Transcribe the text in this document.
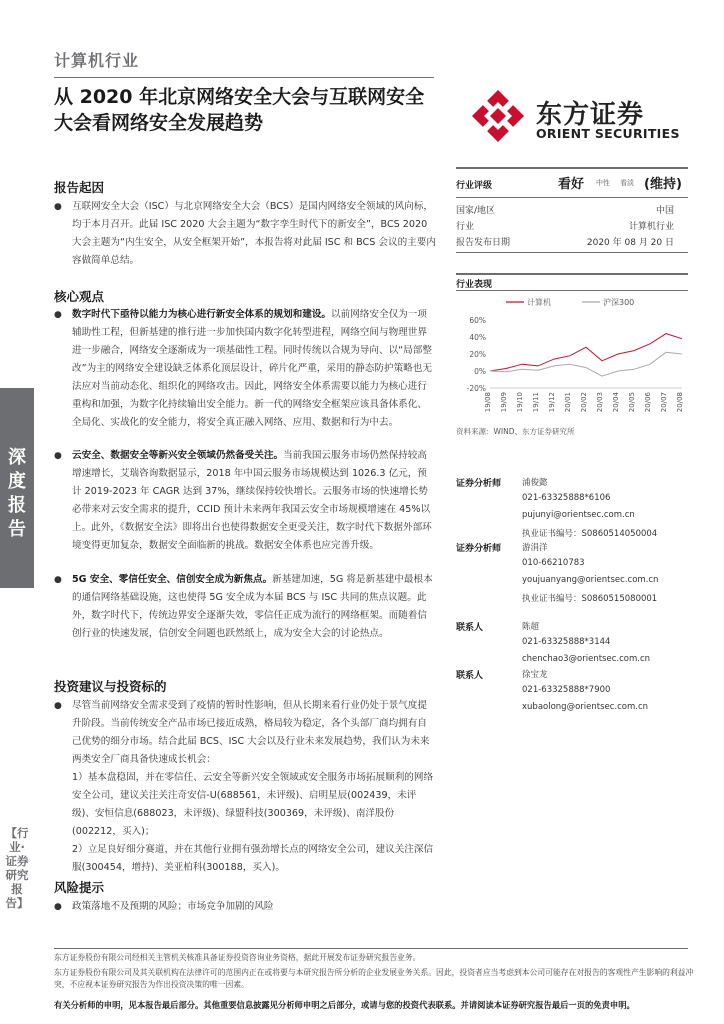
计算机行业
从 2020 年北京网络安全大会与互联网安全大会看网络安全发展趋势	东方证券
ORIENT SECURITIES
深度报告
【行业·证券研究报告】
报告起因
● 互联网安全大会（ISC）与北京网络安全大会（BCS）是国内网络安全领域的风向标，均于本月召开。此届 ISC 2020 大会主题为“数字孪生时代下的新安全”，BCS 2020 大会主题为“内生安全，从安全框架开始”，本报告将对此届 ISC 和 BCS 会议的主要内容做简单总结。
核心观点
● 数字时代下亟待以能力为核心进行新安全体系的规划和建设。以前网络安全仅为一项辅助性工程，但新基建的推行进一步加快国内数字化转型进程，网络空间与物理世界进一步融合，网络安全逐渐成为一项基础性工程。同时传统以合规为导向、以“局部整改”为主的网络安全建设缺乏体系化顶层设计，碎片化严重，采用的静态防护策略也无法应对当前动态化、组织化的网络攻击。因此，网络安全体系需要以能力为核心进行重构和加强，为数字化持续输出安全能力。新一代的网络安全框架应该具备体系化、全局化、实战化的安全能力，将安全真正融入网络、应用、数据和行为中去。
● 云安全、数据安全等新兴安全领域仍然备受关注。当前我国云服务市场仍然保持较高增速增长，艾瑞咨询数据显示，2018 年中国云服务市场规模达到 1026.3 亿元，预计 2019-2023 年 CAGR 达到 37%，继续保持较快增长。云服务市场的快速增长势必带来对云安全需求的提升，CCID 预计未来两年我国云安全市场规模增速在 45%以上。此外，《数据安全法》即将出台也使得数据安全更受关注，数字时代下数据外部环境变得更加复杂，数据安全面临新的挑战。数据安全体系也应完善升级。
● 5G 安全、零信任安全、信创安全成为新焦点。新基建加速，5G 将是新基建中最根本的通信网络基础设施，这也使得 5G 安全成为本届 BCS 与 ISC 共同的焦点议题。此外，数字时代下，传统边界安全逐渐失效，零信任正成为流行的网络框架。而随着信创行业的快速发展，信创安全问题也跃然纸上，成为安全大会的讨论热点。
投资建议与投资标的
● 尽管当前网络安全需求受到了疫情的暂时性影响，但从长期来看行业仍处于景气度提升阶段。当前传统安全产品市场已接近成熟，格局较为稳定，各个头部厂商均拥有自己优势的细分市场。结合此届 BCS、ISC 大会以及行业未来发展趋势，我们认为未来两类安全厂商具备快速成长机会：
1）基本盘稳固，并在零信任、云安全等新兴安全领域或安全服务市场拓展顺利的网络安全公司，建议关注关注奇安信-U(688561，未评级)、启明星辰(002439，未评级)、安恒信息(688023，未评级)、绿盟科技(300369，未评级)、南洋股份(002212，买入)；
2）立足良好细分赛道，并在其他行业拥有强劲增长点的网络安全公司，建议关注深信服(300454，增持)、美亚柏科(300188，买入)。
风险提示
● 政策落地不及预期的风险；市场竞争加剧的风险
行业评级	看好 中性 看淡 (维持)
国家/地区	中国
行业	计算机行业
报告发布日期	2020 年 08 月 20 日
行业表现
计算机	沪深300
60%
40%
20%
0%
-20%
19/08 19/09 19/10 19/11 19/12 20/01 20/02 20/03 20/04 20/05 20/06 20/07 20/08
资料来源：WIND、东方证券研究所
证券分析师 浦俊懿
021-63325888*6106
pujunyi@orientsec.com.cn
执业证书编号：S0860514050004
证券分析师 游涓洋
010-66210783
youjuanyang@orientsec.com.cn
执业证书编号：S0860515080001
联系人	陈超
021-63325888*3144
chenchao3@orientsec.com.cn
联系人	徐宝龙
021-63325888*7900
xubaolong@orientsec.com.cn
东方证券股份有限公司经相关主管机关核准具备证券投资咨询业务资格，据此开展发布证券研究报告业务。
东方证券股份有限公司及其关联机构在法律许可的范围内正在或将要与本研究报告所分析的企业发展业务关系。因此，投资者应当考虑到本公司可能存在对报告的客观性产生影响的利益冲突，不应视本证券研究报告为作出投资决策的唯一因素。
有关分析师的申明，见本报告最后部分。其他重要信息披露见分析师申明之后部分，或请与您的投资代表联系。并请阅读本证券研究报告最后一页的免责申明。
